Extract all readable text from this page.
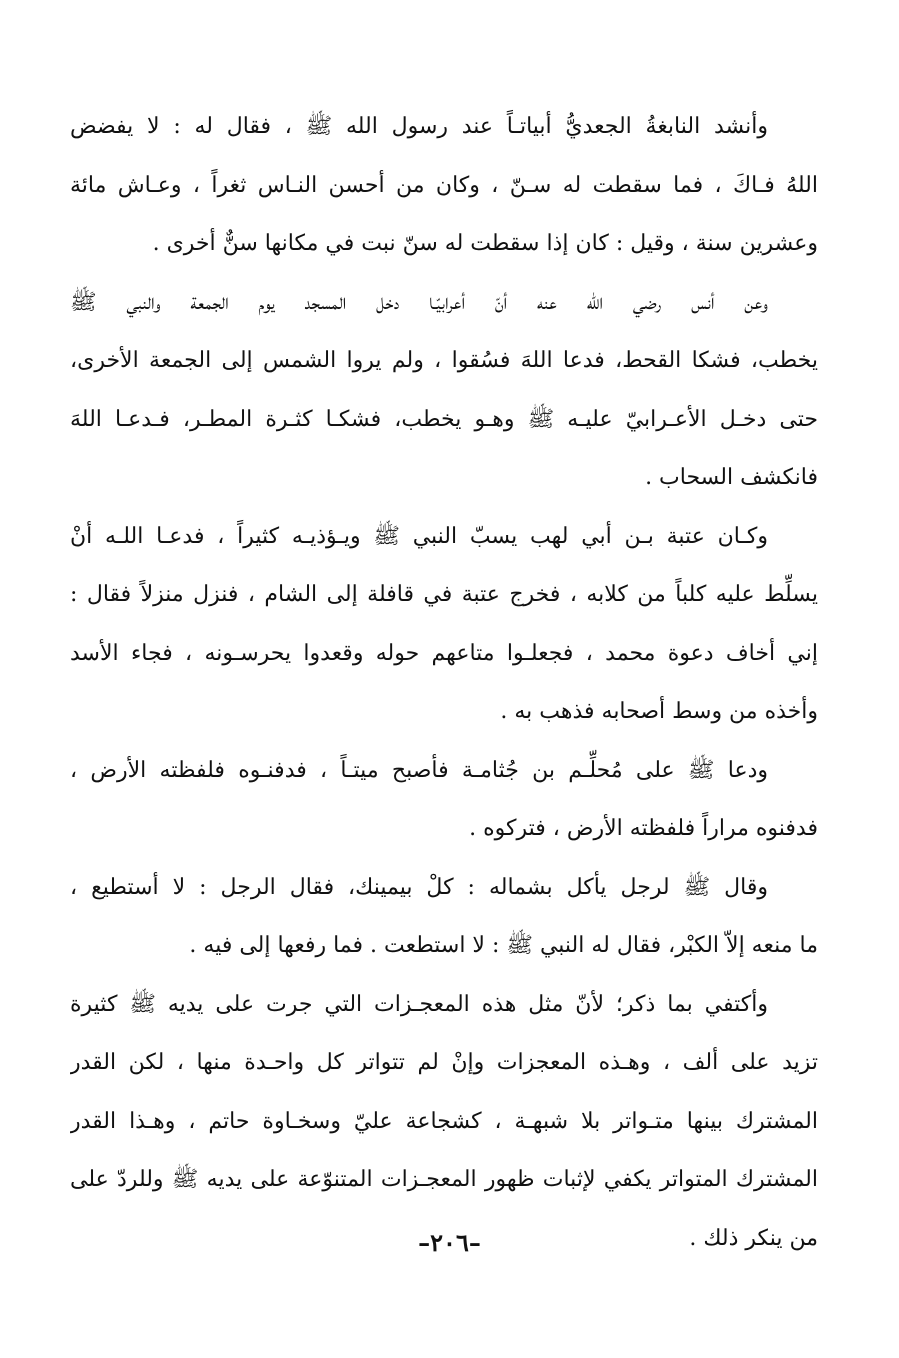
وأنشد النابغةُ الجعديُّ أبياتـاً عند رسول الله ﷺ ، فقال له : لا يفضض
اللهُ فـاكَ ، فما سقطت له سـنّ ، وكان من أحسن النـاس ثغراً ، وعـاش مائة
وعشرين سنة ، وقيل : كان إذا سقطت له سنّ نبت في مكانها سنٌّ أخرى .
وعن أنس رضي الله عنه أنّ أعرابيّـا دخل المسجد يوم الجمعة والنبي ﷺ
يخطب، فشكا القحط، فدعا اللهَ فسُقوا ، ولم يروا الشمس إلى الجمعة الأخرى،
حتى دخـل الأعـرابيّ عليـه ﷺ وهـو يخطب، فشكـا كثـرة المطـر، فـدعـا اللهَ
فانكشف السحاب .
وكـان عتبة بـن أبي لهب يسبّ النبي ﷺ ويـؤذيـه كثيراً ، فدعـا اللـه أنْ
يسلِّط عليه كلباً من كلابه ، فخرج عتبة في قافلة إلى الشام ، فنزل منزلاً فقال :
إني أخاف دعوة محمد ، فجعلـوا متاعهم حوله وقعدوا يحرسـونه ، فجاء الأسد
وأخذه من وسط أصحابه فذهب به .
ودعا ﷺ على مُحلِّـم بن جُثامـة فأصبح ميتـاً ، فدفنـوه فلفظته الأرض ،
فدفنوه مراراً فلفظته الأرض ، فتركوه .
وقال ﷺ لرجل يأكل بشماله : كلْ بيمينك، فقال الرجل : لا أستطيع ،
ما منعه إلاّ الكبْر، فقال له النبي ﷺ : لا استطعت . فما رفعها إلى فيه .
وأكتفي بما ذكر؛ لأنّ مثل هذه المعجـزات التي جرت على يديه ﷺ كثيرة
تزيد على ألف ، وهـذه المعجزات وإنْ لم تتواتر كل واحـدة منها ، لكن القدر
المشترك بينها متـواتر بلا شبهـة ، كشجاعة عليّ وسخـاوة حاتم ، وهـذا القدر
المشترك المتواتر يكفي لإثبات ظهور المعجـزات المتنوّعة على يديه ﷺ وللردّ على
من ينكر ذلك .
–٢٠٦–
